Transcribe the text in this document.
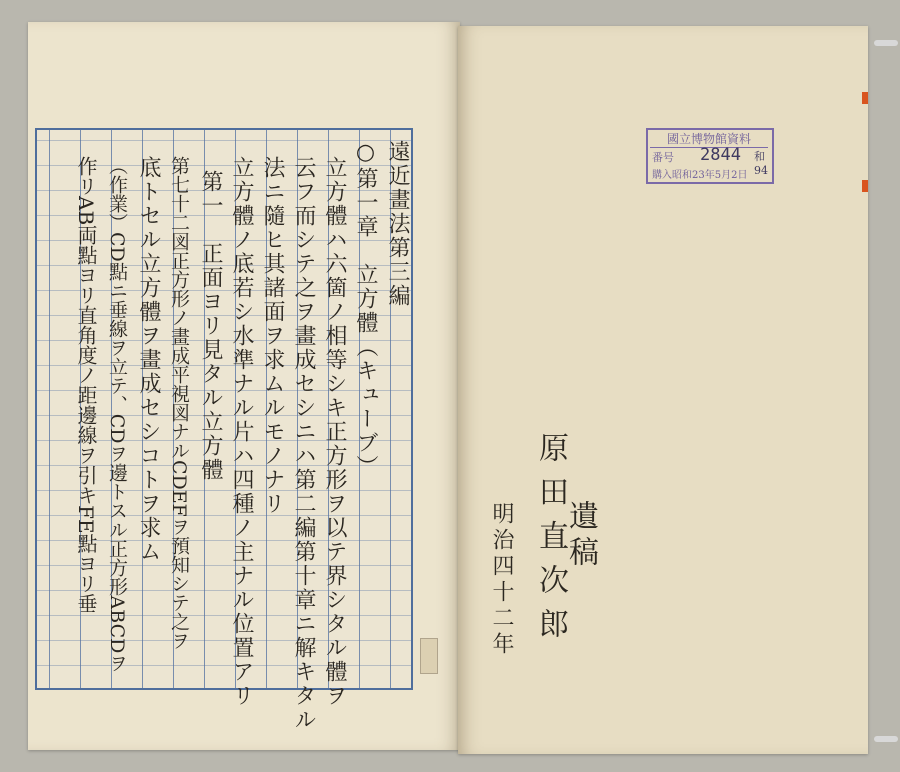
遠近畫法第三編
○第一章　立方體（キューブ）
立方體ハ六箇ノ相等シキ正方形ヲ以テ界シタル體ヲ
云フ而シテ之ヲ畫成セシニハ第二編第十章ニ解キタル
法ニ隨ヒ其諸面ヲ求ムルモノナリ
立方體ノ底若シ水準ナル片ハ四種ノ主ナル位置アリ
第一　正面ヨリ見タル立方體
第七十二図正方形ノ畫成平視図ナルCDEFヲ預知シテ之ヲ
底トセル立方體ヲ畫成セシコトヲ求ム
（作業）CD點ニ垂線ヲ立テ、CDヲ邊トスル正方形ABCDヲ
作リAB両點ヨリ直角度ノ距邊線ヲ引キFE點ヨリ垂
國立博物館資料
番号 2844 和94
購入昭和23年5月2日
原田直次郎
遺稿
明治四十二年
